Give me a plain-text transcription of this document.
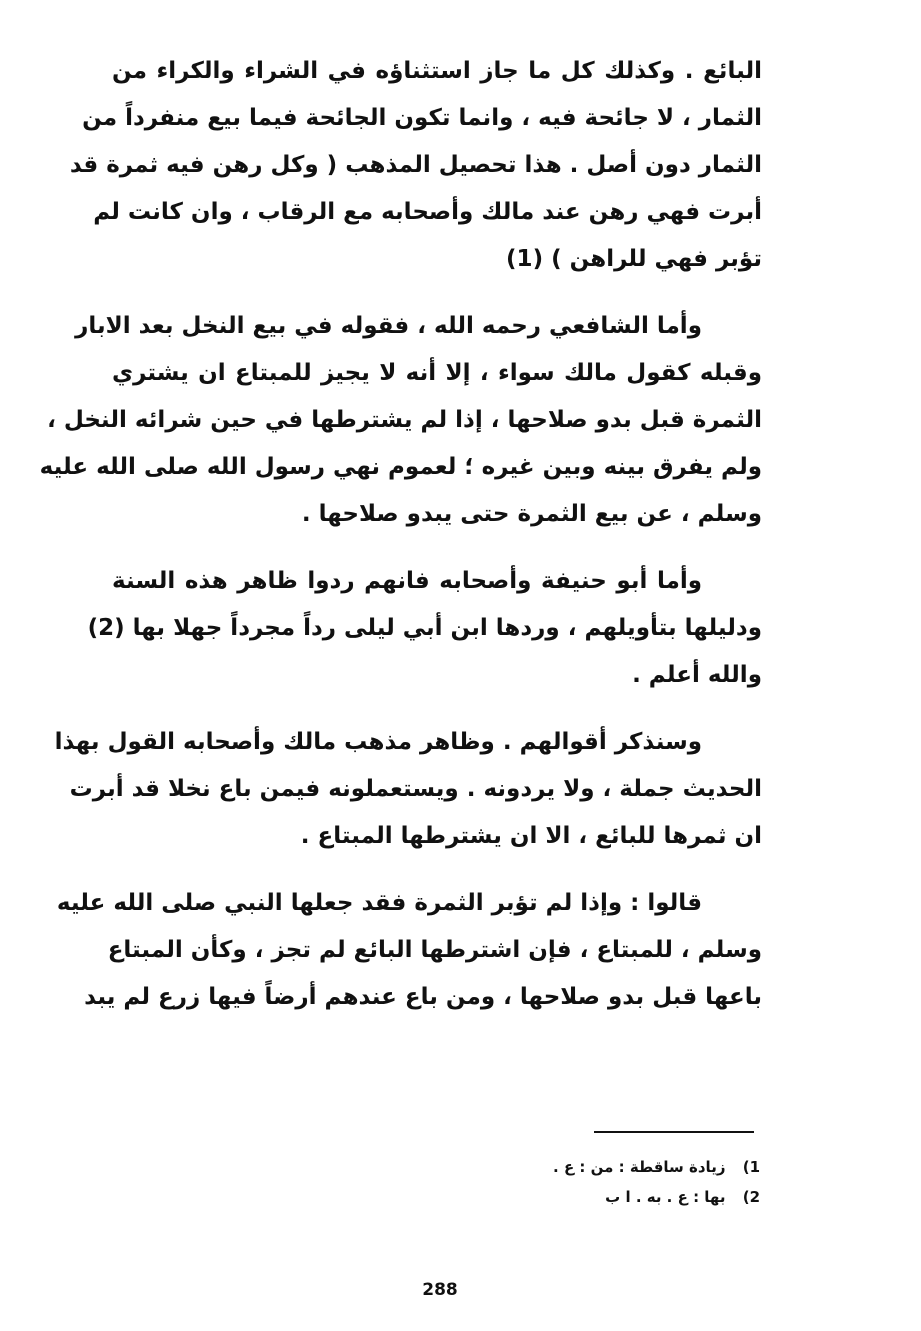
البائع . وكذلك كل ما جاز استثناؤه في الشراء والكراء من
الثمار ، لا جائحة فيه ، وانما تكون الجائحة فيما بيع منفرداً من
الثمار دون أصل . هذا تحصيل المذهب ( وكل رهن فيه ثمرة قد
أبرت فهي رهن عند مالك وأصحابه مع الرقاب ، وان كانت لم
تؤبر فهي للراهن ) (1)
وأما الشافعي رحمه الله ، فقوله في بيع النخل بعد الابار
وقبله كقول مالك سواء ، إلا أنه لا يجيز للمبتاع ان يشتري
الثمرة قبل بدو صلاحها ، إذا لم يشترطها في حين شرائه النخل ،
ولم يفرق بينه وبين غيره ؛ لعموم نهي رسول الله صلى الله عليه
وسلم ، عن بيع الثمرة حتى يبدو صلاحها .
وأما أبو حنيفة وأصحابه فانهم ردوا ظاهر هذه السنة
ودليلها بتأويلهم ، وردها ابن أبي ليلى رداً مجرداً جهلا بها (2)
والله أعلم .
وسنذكر أقوالهم . وظاهر مذهب مالك وأصحابه القول بهذا
الحديث جملة ، ولا يردونه . ويستعملونه فيمن باع نخلا قد أبرت
ان ثمرها للبائع ، الا ان يشترطها المبتاع .
قالوا : وإذا لم تؤبر الثمرة فقد جعلها النبي صلى الله عليه
وسلم ، للمبتاع ، فإن اشترطها البائع لم تجز ، وكأن المبتاع
باعها قبل بدو صلاحها ، ومن باع عندهم أرضاً فيها زرع لم يبد
1) زيادة ساقطة : من : ع .
2) بها : ع . به . ا ب
288
